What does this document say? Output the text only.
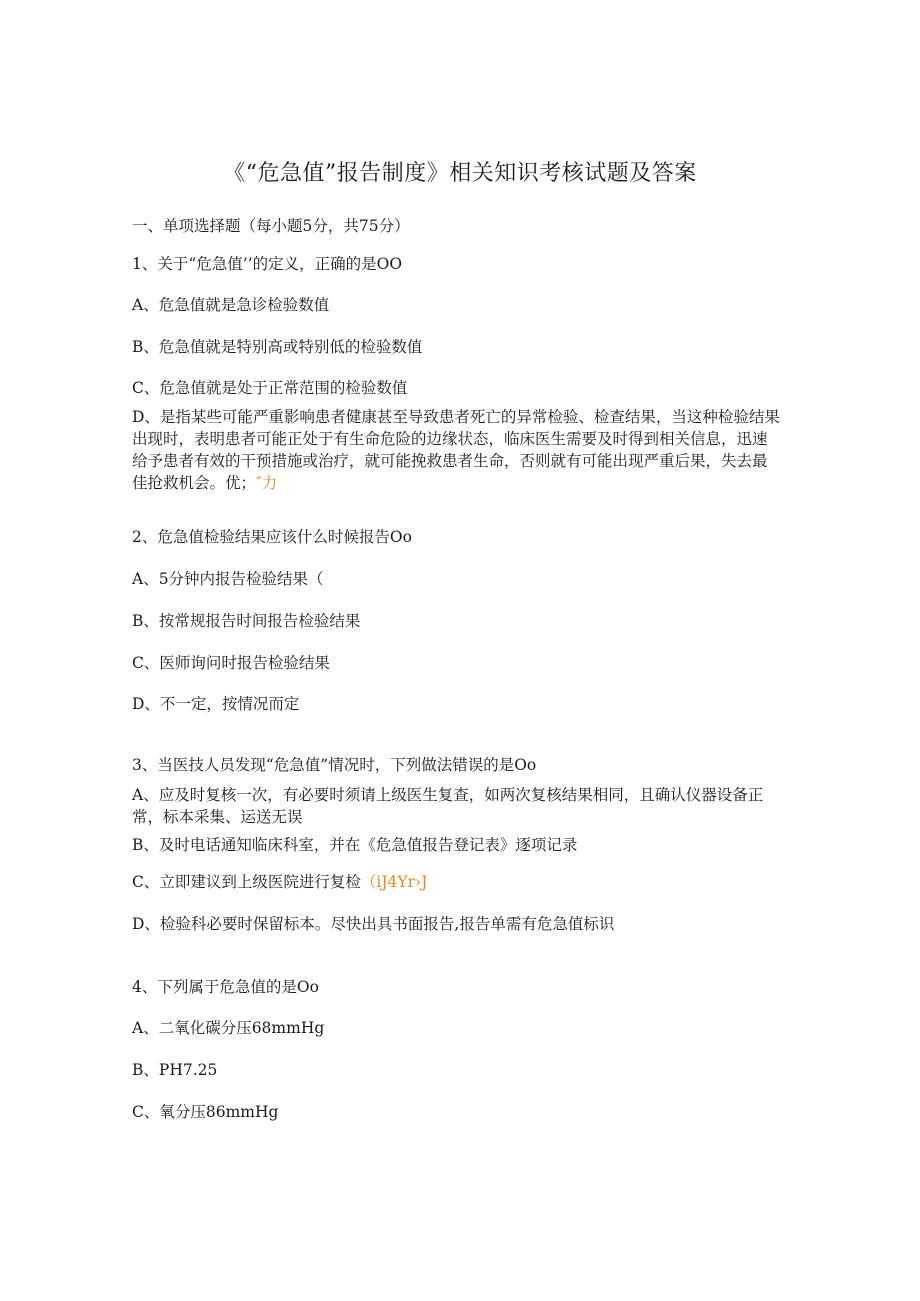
《“危急值”报告制度》相关知识考核试题及答案
一、单项选择题（每小题5分，共75分）
1、关于“危急值’’的定义，正确的是OO
A、危急值就是急诊检验数值
B、危急值就是特别高或特别低的检验数值
C、危急值就是处于正常范围的检验数值
D、是指某些可能严重影响患者健康甚至导致患者死亡的异常检验、检查结果，当这种检验结果出现时，表明患者可能正处于有生命危险的边缘状态，临床医生需要及时得到相关信息，迅速给予患者有效的干预措施或治疗，就可能挽救患者生命，否则就有可能出现严重后果，失去最佳抢救机会。优；″力
2、危急值检验结果应该什么时候报告Oo
A、5分钟内报告检验结果（
B、按常规报告时间报告检验结果
C、医师询问时报告检验结果
D、不一定，按情况而定
3、当医技人员发现“危急值”情况时，下列做法错误的是Oo
A、应及时复核一次，有必要时须请上级医生复查，如两次复核结果相同，且确认仪器设备正常，标本采集、运送无误
B、及时电话通知临床科室，并在《危急值报告登记表》逐项记录
C、立即建议到上级医院进行复检（iJ4Yr›J
D、检验科必要时保留标本。尽快出具书面报告,报告单需有危急值标识
4、下列属于危急值的是Oo
A、二氧化碳分压68mmHg
B、PH7.25
C、氧分压86mmHg
